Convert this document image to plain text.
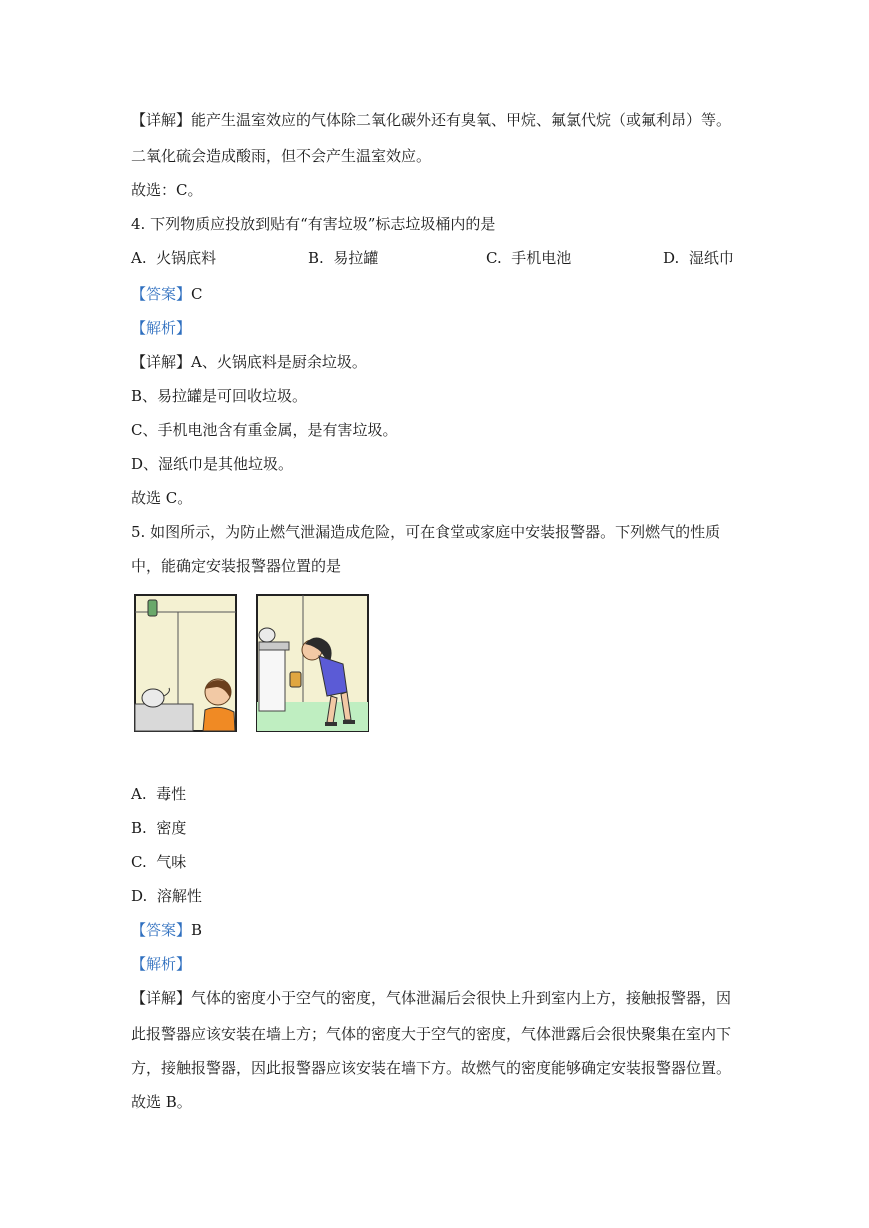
【详解】能产生温室效应的气体除二氧化碳外还有臭氧、甲烷、氟氯代烷（或氟利昂）等。
二氧化硫会造成酸雨，但不会产生温室效应。
故选：C。
4. 下列物质应投放到贴有“有害垃圾”标志垃圾桶内的是
A. 火锅底料	B. 易拉罐	C. 手机电池	D. 湿纸巾
【答案】C
【解析】
【详解】A、火锅底料是厨余垃圾。
B、易拉罐是可回收垃圾。
C、手机电池含有重金属，是有害垃圾。
D、湿纸巾是其他垃圾。
故选 C。
5. 如图所示，为防止燃气泄漏造成危险，可在食堂或家庭中安装报警器。下列燃气的性质
中，能确定安装报警器位置的是
A. 毒性
B. 密度
C. 气味
D. 溶解性
【答案】B
【解析】
【详解】气体的密度小于空气的密度，气体泄漏后会很快上升到室内上方，接触报警器，因
此报警器应该安装在墙上方；气体的密度大于空气的密度，气体泄露后会很快聚集在室内下
方，接触报警器，因此报警器应该安装在墙下方。故燃气的密度能够确定安装报警器位置。
故选 B。
